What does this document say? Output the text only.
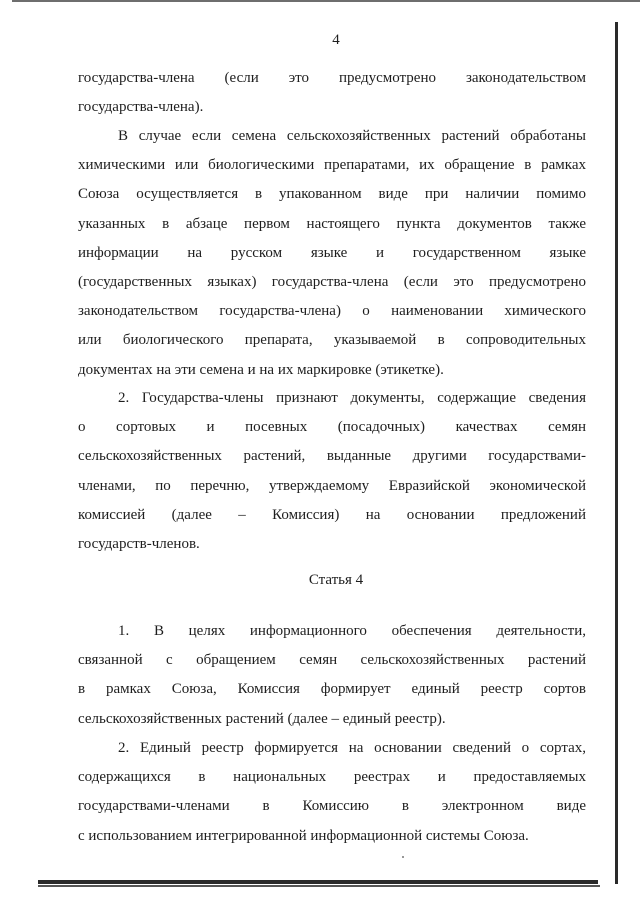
4
государства-члена (если это предусмотрено законодательством
государства-члена).
В случае если семена сельскохозяйственных растений обработаны
химическими или биологическими препаратами, их обращение в рамках
Союза осуществляется в упакованном виде при наличии помимо
указанных в абзаце первом настоящего пункта документов также
информации на русском языке и государственном языке
(государственных языках) государства-члена (если это предусмотрено
законодательством государства-члена) о наименовании химического
или биологического препарата, указываемой в сопроводительных
документах на эти семена и на их маркировке (этикетке).
2. Государства-члены признают документы, содержащие сведения
о сортовых и посевных (посадочных) качествах семян
сельскохозяйственных растений, выданные другими государствами-
членами, по перечню, утверждаемому Евразийской экономической
комиссией (далее – Комиссия) на основании предложений
государств-членов.
Статья 4
1. В целях информационного обеспечения деятельности,
связанной с обращением семян сельскохозяйственных растений
в рамках Союза, Комиссия формирует единый реестр сортов
сельскохозяйственных растений (далее – единый реестр).
2. Единый реестр формируется на основании сведений о сортах,
содержащихся в национальных реестрах и предоставляемых
государствами-членами в Комиссию в электронном виде
с использованием интегрированной информационной системы Союза.
